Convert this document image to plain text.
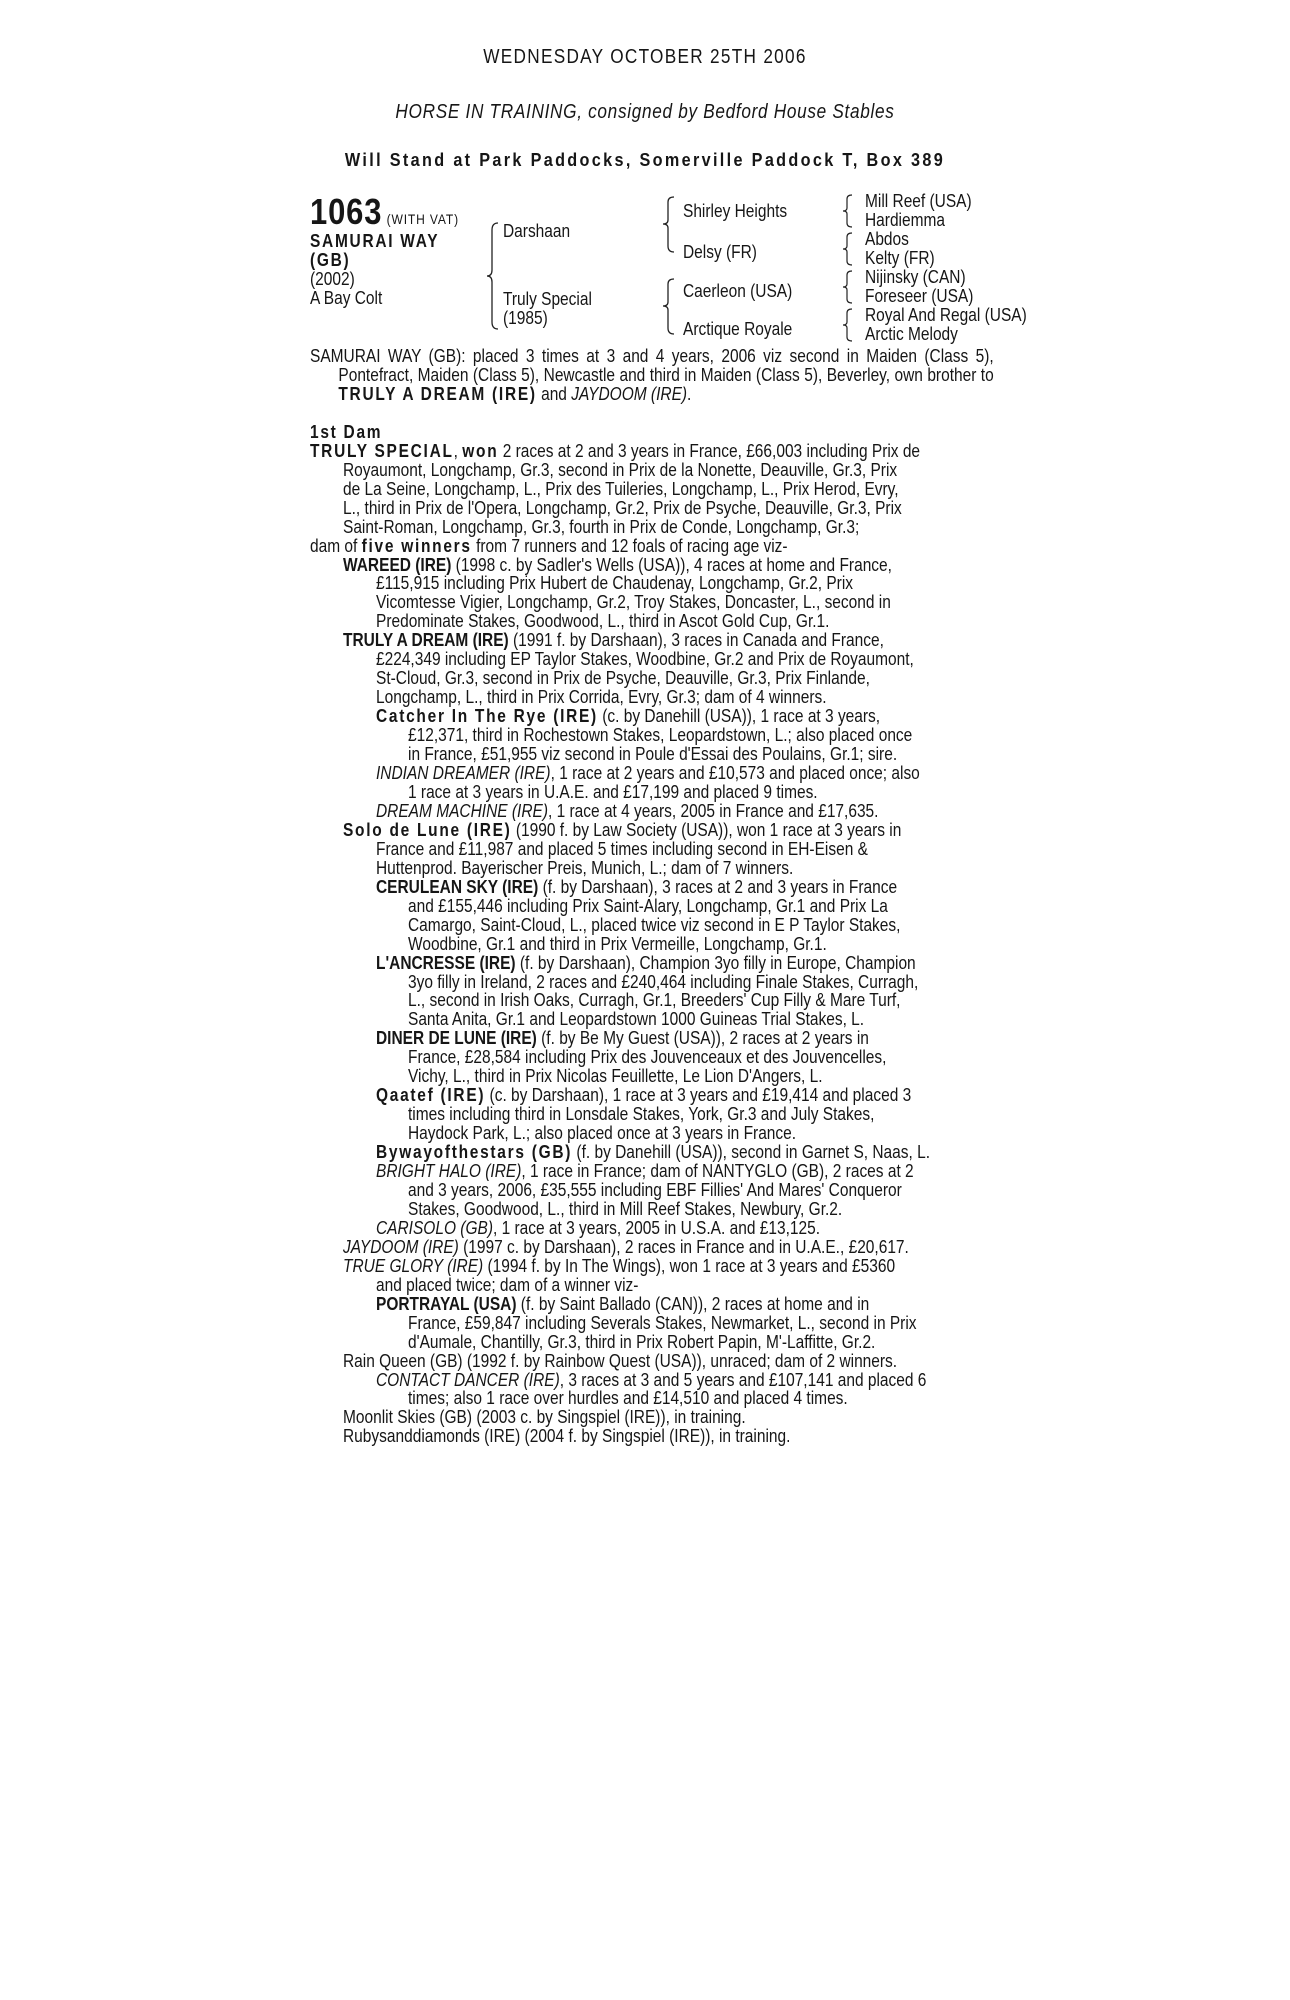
WEDNESDAY OCTOBER 25TH 2006
HORSE IN TRAINING, consigned by Bedford House Stables
Will Stand at Park Paddocks, Somerville Paddock T, Box 389
1063 (WITH VAT)
SAMURAI WAY
(GB)
(2002)
A Bay Colt
Darshaan
Truly Special
(1985)
Shirley Heights
Delsy (FR)
Caerleon (USA)
Arctique Royale
Mill Reef (USA)
Hardiemma
Abdos
Kelty (FR)
Nijinsky (CAN)
Foreseer (USA)
Royal And Regal (USA)
Arctic Melody
SAMURAI WAY (GB): placed 3 times at 3 and 4 years, 2006 viz second in Maiden (Class 5), Pontefract, Maiden (Class 5), Newcastle and third in Maiden (Class 5), Beverley, own brother to TRULY A DREAM (IRE) and JAYDOOM (IRE).
1st Dam
TRULY SPECIAL, won 2 races at 2 and 3 years in France, £66,003 including Prix de
Royaumont, Longchamp, Gr.3, second in Prix de la Nonette, Deauville, Gr.3, Prix
de La Seine, Longchamp, L., Prix des Tuileries, Longchamp, L., Prix Herod, Evry,
L., third in Prix de l'Opera, Longchamp, Gr.2, Prix de Psyche, Deauville, Gr.3, Prix
Saint-Roman, Longchamp, Gr.3, fourth in Prix de Conde, Longchamp, Gr.3;
dam of five winners from 7 runners and 12 foals of racing age viz-
WAREED (IRE) (1998 c. by Sadler's Wells (USA)), 4 races at home and France,
£115,915 including Prix Hubert de Chaudenay, Longchamp, Gr.2, Prix
Vicomtesse Vigier, Longchamp, Gr.2, Troy Stakes, Doncaster, L., second in
Predominate Stakes, Goodwood, L., third in Ascot Gold Cup, Gr.1.
TRULY A DREAM (IRE) (1991 f. by Darshaan), 3 races in Canada and France,
£224,349 including EP Taylor Stakes, Woodbine, Gr.2 and Prix de Royaumont,
St-Cloud, Gr.3, second in Prix de Psyche, Deauville, Gr.3, Prix Finlande,
Longchamp, L., third in Prix Corrida, Evry, Gr.3; dam of 4 winners.
Catcher In The Rye (IRE) (c. by Danehill (USA)), 1 race at 3 years,
£12,371, third in Rochestown Stakes, Leopardstown, L.; also placed once
in France, £51,955 viz second in Poule d'Essai des Poulains, Gr.1; sire.
INDIAN DREAMER (IRE), 1 race at 2 years and £10,573 and placed once; also
1 race at 3 years in U.A.E. and £17,199 and placed 9 times.
DREAM MACHINE (IRE), 1 race at 4 years, 2005 in France and £17,635.
Solo de Lune (IRE) (1990 f. by Law Society (USA)), won 1 race at 3 years in
France and £11,987 and placed 5 times including second in EH-Eisen &
Huttenprod. Bayerischer Preis, Munich, L.; dam of 7 winners.
CERULEAN SKY (IRE) (f. by Darshaan), 3 races at 2 and 3 years in France
and £155,446 including Prix Saint-Alary, Longchamp, Gr.1 and Prix La
Camargo, Saint-Cloud, L., placed twice viz second in E P Taylor Stakes,
Woodbine, Gr.1 and third in Prix Vermeille, Longchamp, Gr.1.
L'ANCRESSE (IRE) (f. by Darshaan), Champion 3yo filly in Europe, Champion
3yo filly in Ireland, 2 races and £240,464 including Finale Stakes, Curragh,
L., second in Irish Oaks, Curragh, Gr.1, Breeders' Cup Filly & Mare Turf,
Santa Anita, Gr.1 and Leopardstown 1000 Guineas Trial Stakes, L.
DINER DE LUNE (IRE) (f. by Be My Guest (USA)), 2 races at 2 years in
France, £28,584 including Prix des Jouvenceaux et des Jouvencelles,
Vichy, L., third in Prix Nicolas Feuillette, Le Lion D'Angers, L.
Qaatef (IRE) (c. by Darshaan), 1 race at 3 years and £19,414 and placed 3
times including third in Lonsdale Stakes, York, Gr.3 and July Stakes,
Haydock Park, L.; also placed once at 3 years in France.
Bywayofthestars (GB) (f. by Danehill (USA)), second in Garnet S, Naas, L.
BRIGHT HALO (IRE), 1 race in France; dam of NANTYGLO (GB), 2 races at 2
and 3 years, 2006, £35,555 including EBF Fillies' And Mares' Conqueror
Stakes, Goodwood, L., third in Mill Reef Stakes, Newbury, Gr.2.
CARISOLO (GB), 1 race at 3 years, 2005 in U.S.A. and £13,125.
JAYDOOM (IRE) (1997 c. by Darshaan), 2 races in France and in U.A.E., £20,617.
TRUE GLORY (IRE) (1994 f. by In The Wings), won 1 race at 3 years and £5360
and placed twice; dam of a winner viz-
PORTRAYAL (USA) (f. by Saint Ballado (CAN)), 2 races at home and in
France, £59,847 including Severals Stakes, Newmarket, L., second in Prix
d'Aumale, Chantilly, Gr.3, third in Prix Robert Papin, M'-Laffitte, Gr.2.
Rain Queen (GB) (1992 f. by Rainbow Quest (USA)), unraced; dam of 2 winners.
CONTACT DANCER (IRE), 3 races at 3 and 5 years and £107,141 and placed 6
times; also 1 race over hurdles and £14,510 and placed 4 times.
Moonlit Skies (GB) (2003 c. by Singspiel (IRE)), in training.
Rubysanddiamonds (IRE) (2004 f. by Singspiel (IRE)), in training.
